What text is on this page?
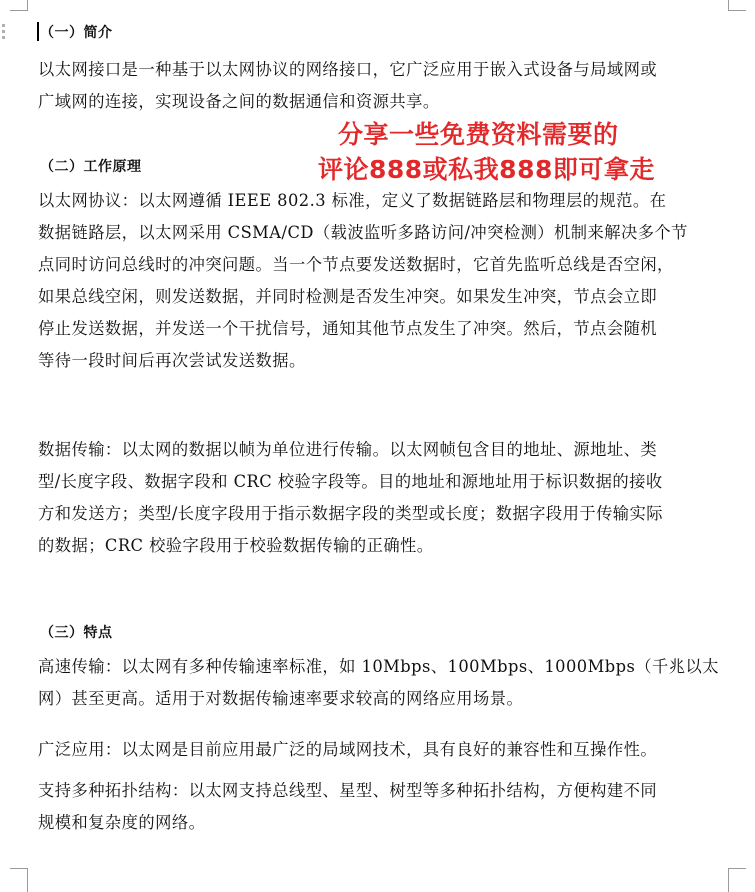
（一）简介
以太网接口是一种基于以太网协议的网络接口，它广泛应用于嵌入式设备与局域网或
广域网的连接，实现设备之间的数据通信和资源共享。
（二）工作原理
以太网协议：以太网遵循 IEEE 802.3 标准，定义了数据链路层和物理层的规范。在
数据链路层，以太网采用 CSMA/CD（载波监听多路访问/冲突检测）机制来解决多个节
点同时访问总线时的冲突问题。当一个节点要发送数据时，它首先监听总线是否空闲，
如果总线空闲，则发送数据，并同时检测是否发生冲突。如果发生冲突，节点会立即
停止发送数据，并发送一个干扰信号，通知其他节点发生了冲突。然后，节点会随机
等待一段时间后再次尝试发送数据。
数据传输：以太网的数据以帧为单位进行传输。以太网帧包含目的地址、源地址、类
型/长度字段、数据字段和 CRC 校验字段等。目的地址和源地址用于标识数据的接收
方和发送方；类型/长度字段用于指示数据字段的类型或长度；数据字段用于传输实际
的数据；CRC 校验字段用于校验数据传输的正确性。
（三）特点
高速传输：以太网有多种传输速率标准，如 10Mbps、100Mbps、1000Mbps（千兆以太
网）甚至更高。适用于对数据传输速率要求较高的网络应用场景。
广泛应用：以太网是目前应用最广泛的局域网技术，具有良好的兼容性和互操作性。
支持多种拓扑结构：以太网支持总线型、星型、树型等多种拓扑结构，方便构建不同
规模和复杂度的网络。
分享一些免费资料需要的
评论888或私我888即可拿走
